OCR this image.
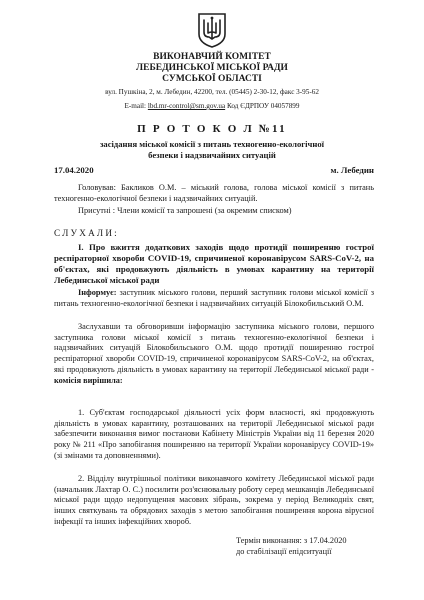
ВИКОНАВЧИЙ КОМІТЕТ
ЛЕБЕДИНСЬКОЇ МІСЬКОЇ РАДИ
СУМСЬКОЇ ОБЛАСТІ
вул. Пушкіна, 2, м. Лебедин, 42200, тел. (05445) 2-30-12, факс 3-95-62
E-mail: lbd.mr-control@sm.gov.ua Код ЄДРПОУ 04057899
П Р О Т О К О Л №11
засідання міської комісії з питань техногенно-екологічної
безпеки і надзвичайних ситуацій
17.04.2020	м. Лебедин
Головував: Бакликов О.М. – міський голова, голова міської комісії з питань техногенно-екологічної безпеки і надзвичайних ситуацій.
Присутні : Члени комісії та запрошені (за окремим списком)
СЛУХАЛИ:
І. Про вжиття додаткових заходів щодо протидії поширенню гострої респіраторної хвороби COVID-19, спричиненої коронавірусом SARS-CoV-2, на об'єктах, які продовжують діяльність в умовах карантину на території Лебединської міської ради
Інформує: заступник міського голови, перший заступник голови міської комісії з питань техногенно-екологічної безпеки і надзвичайних ситуацій Білокобильський О.М.
Заслухавши та обговоривши інформацію заступника міського голови, першого заступника голови міської комісії з питань техногенно-екологічної безпеки і надзвичайних ситуацій Білокобильського О.М. щодо протидії поширенню гострої респіраторної хвороби COVID-19, спричиненої коронавірусом SARS-CoV-2, на об'єктах, які продовжують діяльність в умовах карантину на території Лебединської міської ради - комісія вирішила:
1. Суб'єктам господарської діяльності усіх форм власності, які продовжують діяльність в умовах карантину, розташованих на території Лебединської міської ради забезпечити виконання вимог постанови Кабінету Міністрів України від 11 березня 2020 року № 211 «Про запобігання поширенню на території України коронавірусу COVID-19» (зі змінами та доповненнями).
2. Відділу внутрішньої політики виконавчого комітету Лебединської міської ради (начальник Лахтар О. С.) посилити роз'яснювальну роботу серед мешканців Лебединської міської ради щодо недопущення масових зібрань, зокрема у період Великодніх свят, інших святкувань та обрядових заходів з метою запобігання поширення корона вірусної інфекції та інших інфекційних хвороб.
Термін виконання: з 17.04.2020
до стабілізації епідситуації
